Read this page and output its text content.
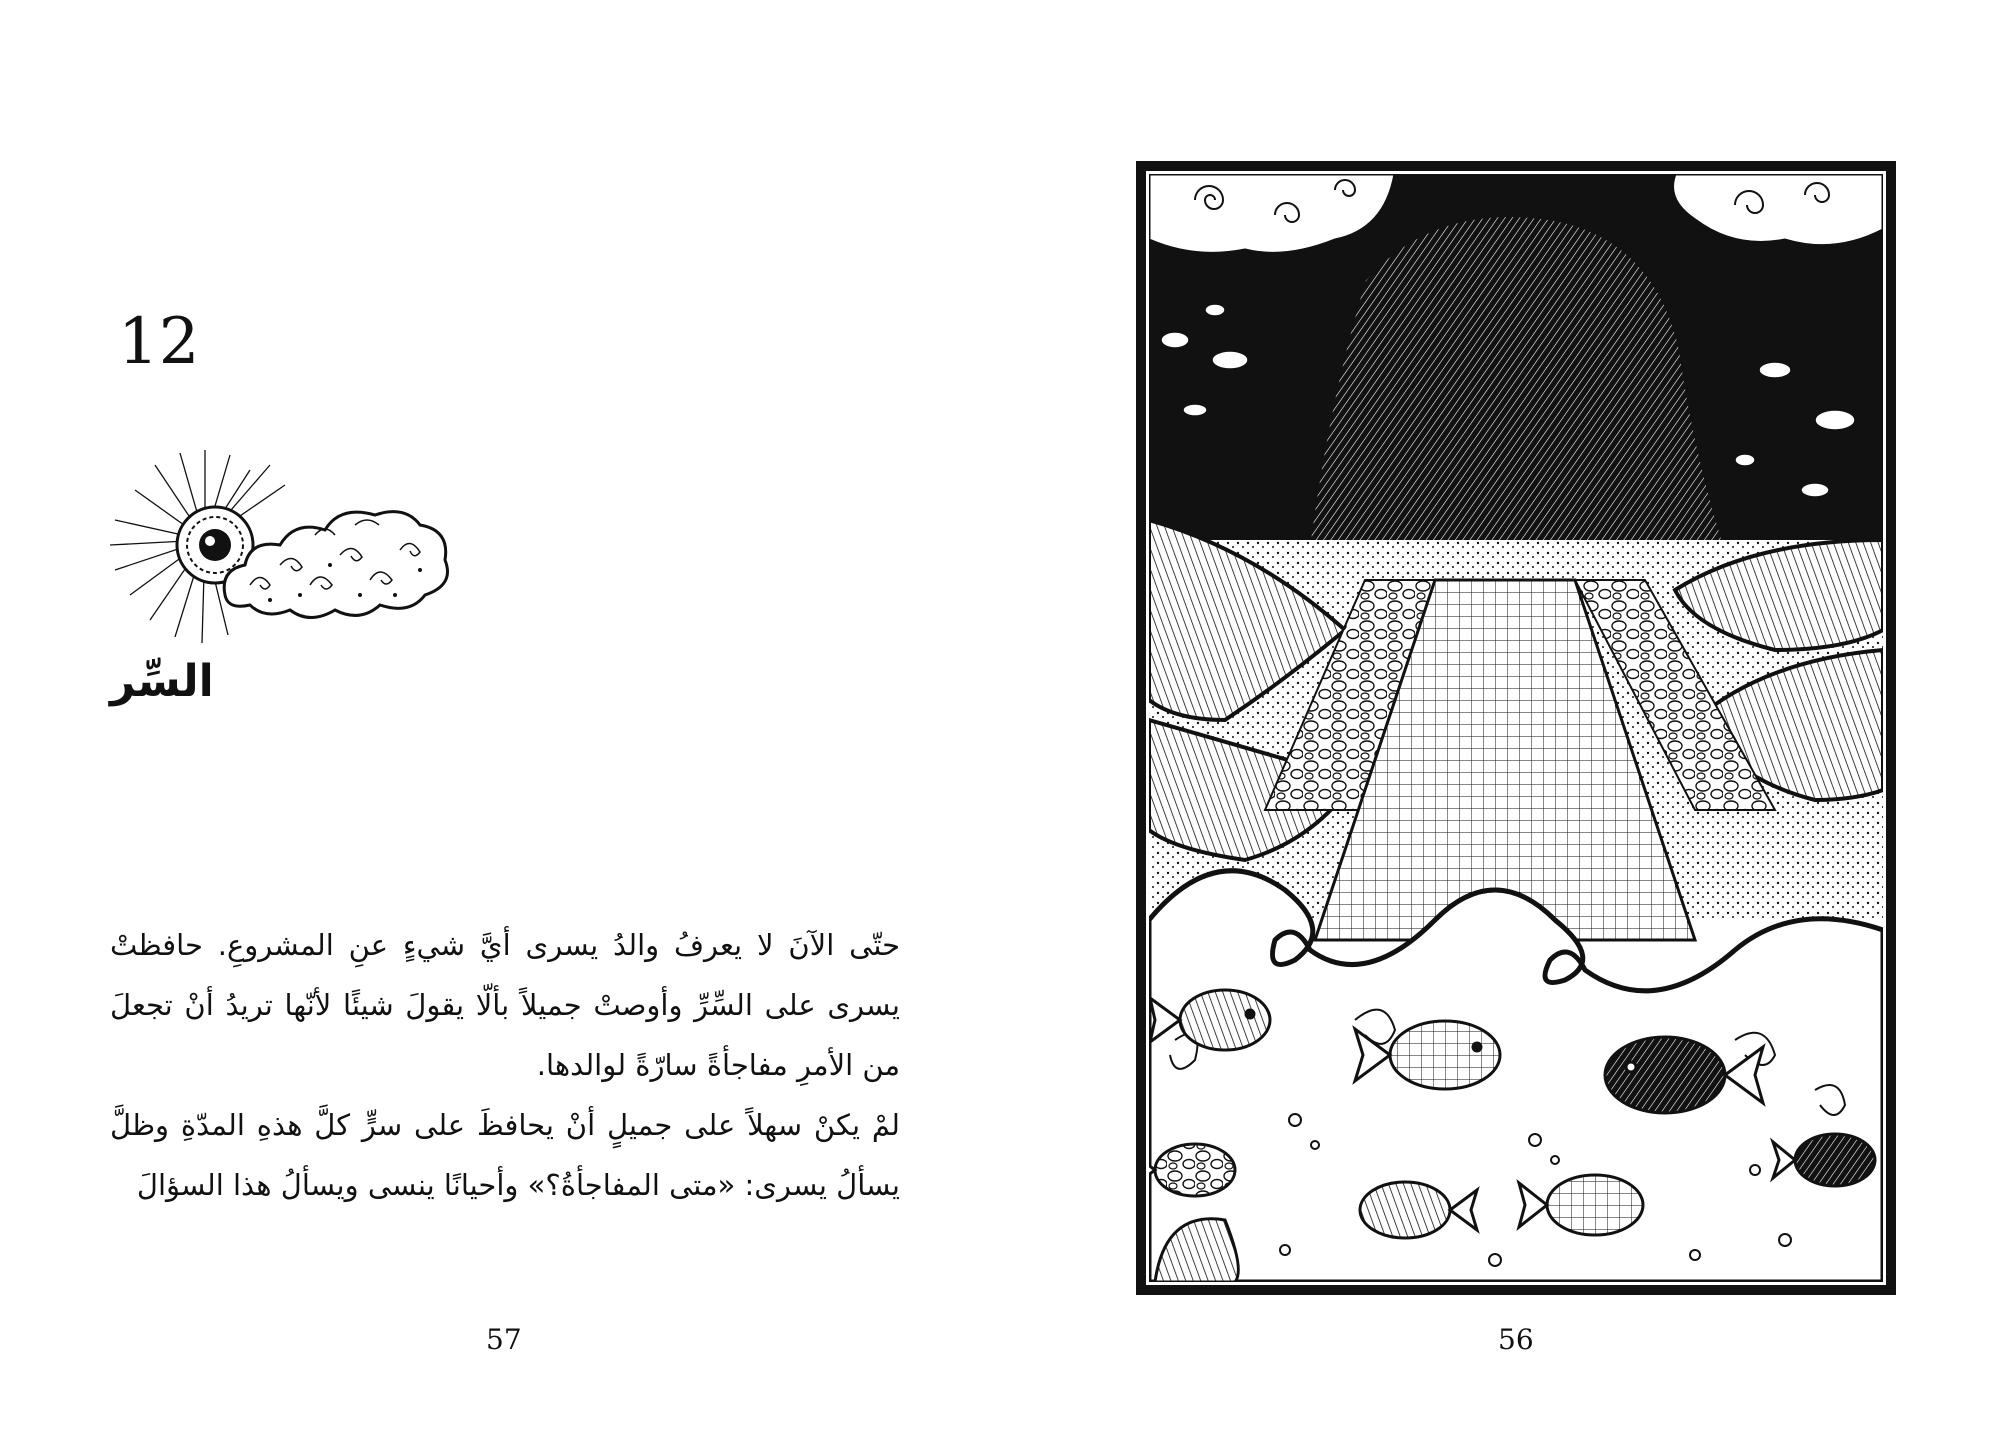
12
السِّر

حتّى الآنَ لا يعرفُ والدُ يسرى أيَّ شيءٍ عنِ المشروعِ. حافظتْ يسرى على السِّرِّ وأوصتْ جميلاً بألّا يقولَ شيئًا لأنّها تريدُ أنْ تجعلَ من الأمرِ مفاجأةً سارّةً لوالدها.

لمْ يكنْ سهلاً على جميلٍ أنْ يحافظَ على سرٍّ كلَّ هذهِ المدّةِ وظلَّ يسألُ يسرى: «متى المفاجأةُ؟» وأحيانًا ينسى ويسألُ هذا السؤالَ

57	56
